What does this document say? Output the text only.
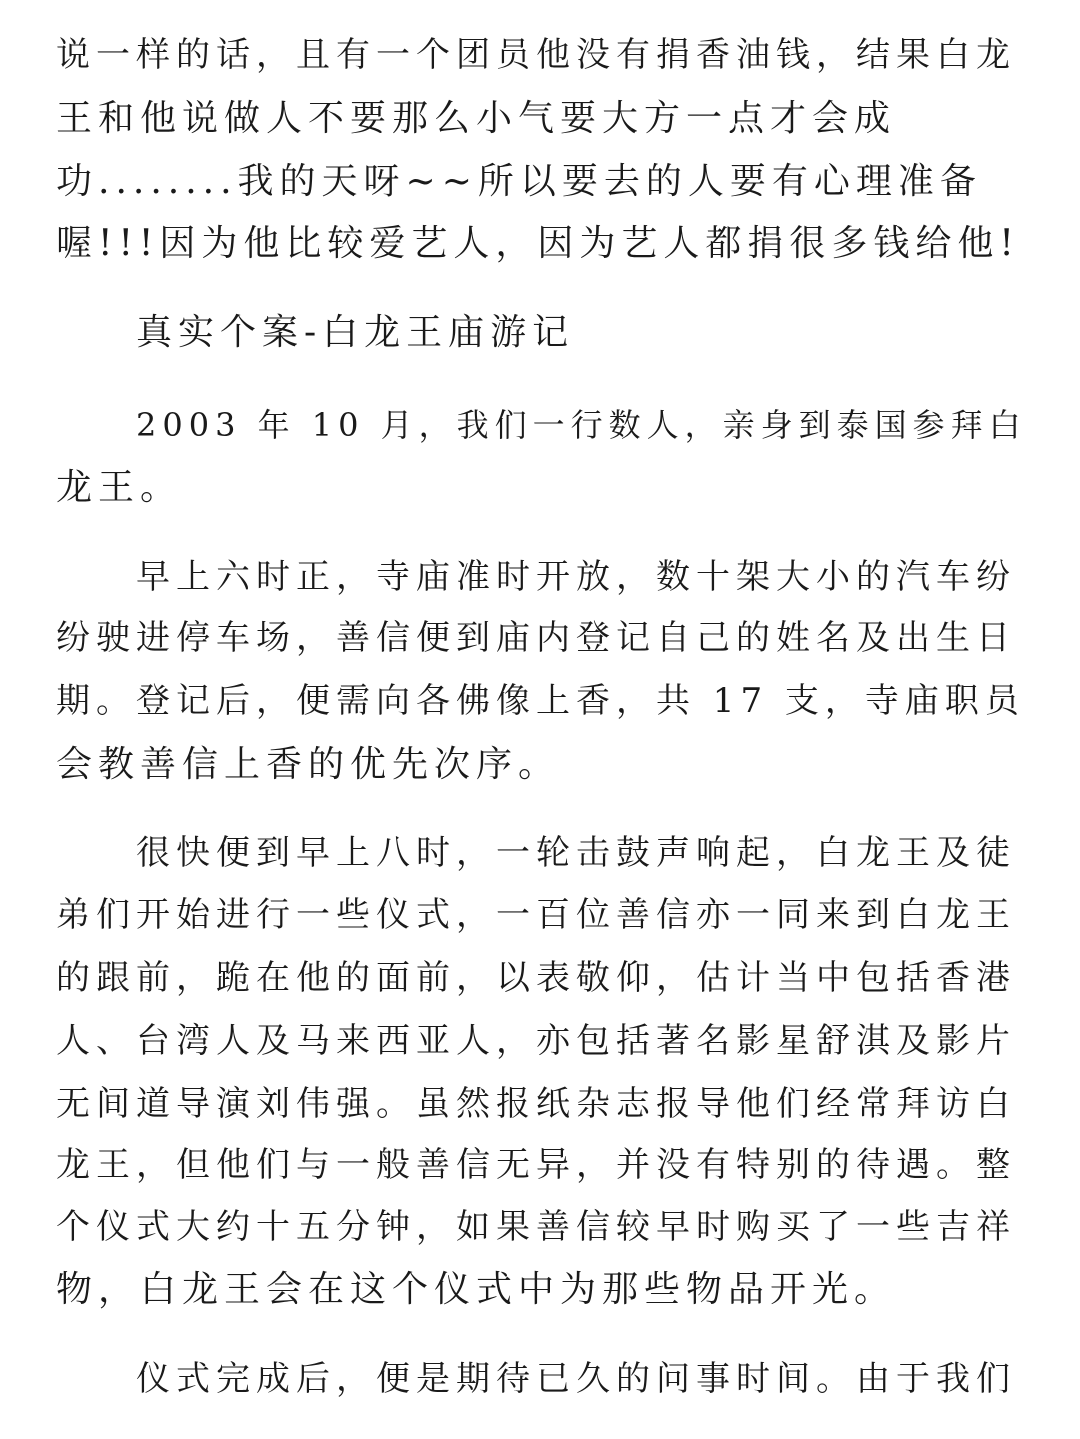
说一样的话，且有一个团员他没有捐香油钱，结果白龙
王和他说做人不要那么小气要大方一点才会成
功........我的天呀~~所以要去的人要有心理准备
喔!!!因为他比较爱艺人，因为艺人都捐很多钱给他!
真实个案-白龙王庙游记
2003 年 10 月，我们一行数人，亲身到泰国参拜白
龙王。
早上六时正，寺庙准时开放，数十架大小的汽车纷
纷驶进停车场，善信便到庙内登记自己的姓名及出生日
期。登记后，便需向各佛像上香，共 17 支，寺庙职员
会教善信上香的优先次序。
很快便到早上八时，一轮击鼓声响起，白龙王及徒
弟们开始进行一些仪式，一百位善信亦一同来到白龙王
的跟前，跪在他的面前，以表敬仰，估计当中包括香港
人、台湾人及马来西亚人，亦包括著名影星舒淇及影片
无间道导演刘伟强。虽然报纸杂志报导他们经常拜访白
龙王，但他们与一般善信无异，并没有特别的待遇。整
个仪式大约十五分钟，如果善信较早时购买了一些吉祥
物，白龙王会在这个仪式中为那些物品开光。
仪式完成后，便是期待已久的问事时间。由于我们
